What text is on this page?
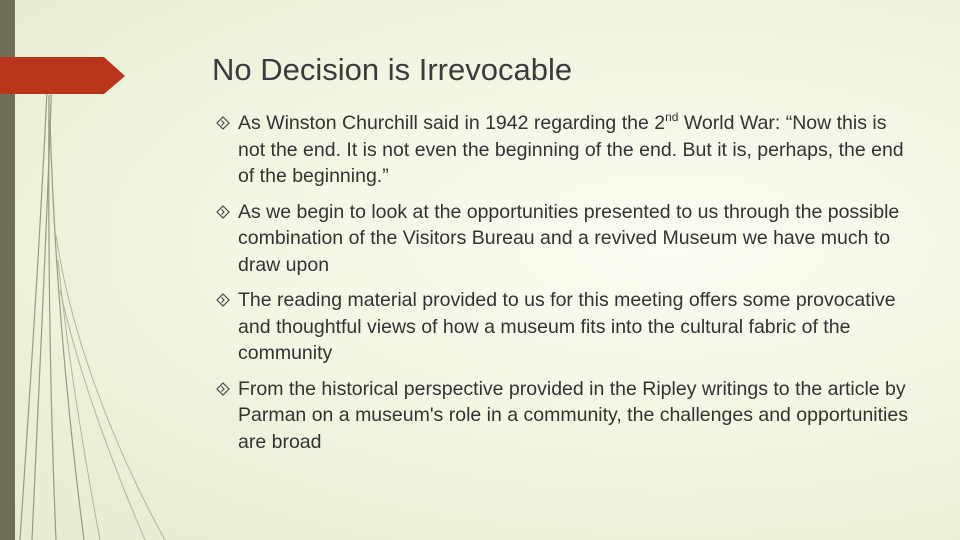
No Decision is Irrevocable
As Winston Churchill said in 1942 regarding the 2nd World War: “Now this is not the end. It is not even the beginning of the end. But it is, perhaps, the end of the beginning.”
As we begin to look at the opportunities presented to us through the possible combination of the Visitors Bureau and a revived Museum we have much to draw upon
The reading material provided to us for this meeting offers some provocative and thoughtful views of how a museum fits into the cultural fabric of the community
From the historical perspective provided in the Ripley writings to the article by Parman on a museum's role in a community, the challenges and opportunities are broad
